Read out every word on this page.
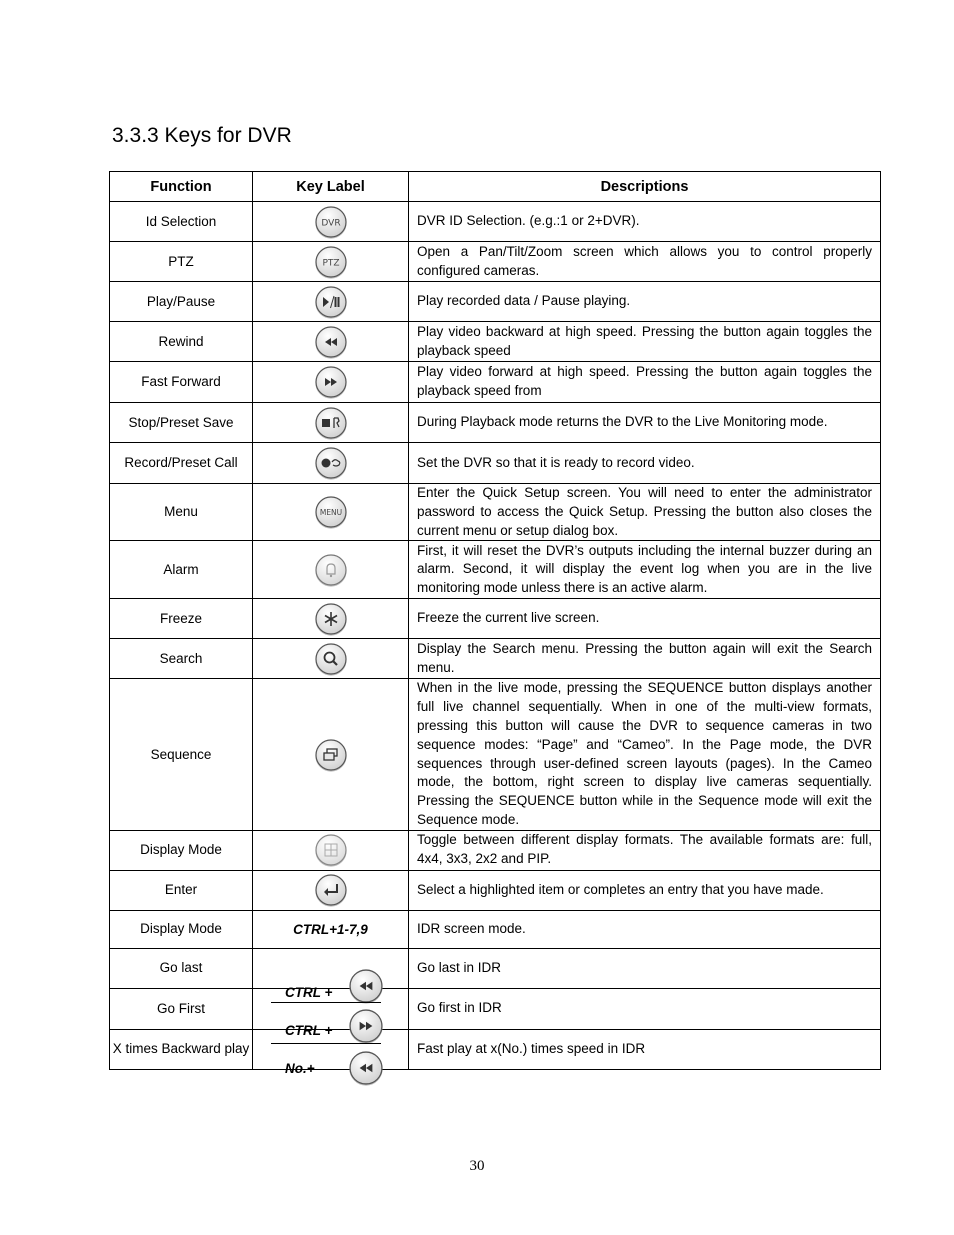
3.3.3 Keys for DVR
Function	Key Label	Descriptions
Id Selection	DVR	DVR ID Selection. (e.g.:1 or 2+DVR).
PTZ	PTZ	Open a Pan/Tilt/Zoom screen which allows you to control properly configured cameras.
Play/Pause		Play recorded data / Pause playing.
Rewind		Play video backward at high speed. Pressing the button again toggles the playback speed
Fast Forward		Play video forward at high speed. Pressing the button again toggles the playback speed from
Stop/Preset Save		During Playback mode returns the DVR to the Live Monitoring mode.
Record/Preset Call		Set the DVR so that it is ready to record video.
Menu	MENU	Enter the Quick Setup screen. You will need to enter the administrator password to access the Quick Setup. Pressing the button also closes the current menu or setup dialog box.
Alarm		First, it will reset the DVR’s outputs including the internal buzzer during an alarm. Second, it will display the event log when you are in the live monitoring mode unless there is an active alarm.
Freeze		Freeze the current live screen.
Search		Display the Search menu. Pressing the button again will exit the Search menu.
Sequence		When in the live mode, pressing the SEQUENCE button displays another full live channel sequentially. When in one of the multi-view formats, pressing this button will cause the DVR to sequence cameras in two sequence modes: “Page” and “Cameo”. In the Page mode, the DVR sequences through user-defined screen layouts (pages). In the Cameo mode, the bottom, right screen to display live cameras sequentially. Pressing the SEQUENCE button while in the Sequence mode will exit the Sequence mode.
Display Mode		Toggle between different display formats. The available formats are: full, 4x4, 3x3, 2x2 and PIP.
Enter		Select a highlighted item or completes an entry that you have made.
Display Mode	CTRL+1-7,9	IDR screen mode.
Go last	CTRL +	Go last in IDR
Go First	CTRL +	Go first in IDR
X times Backward play	No.+	Fast play at x(No.) times speed in IDR
30
